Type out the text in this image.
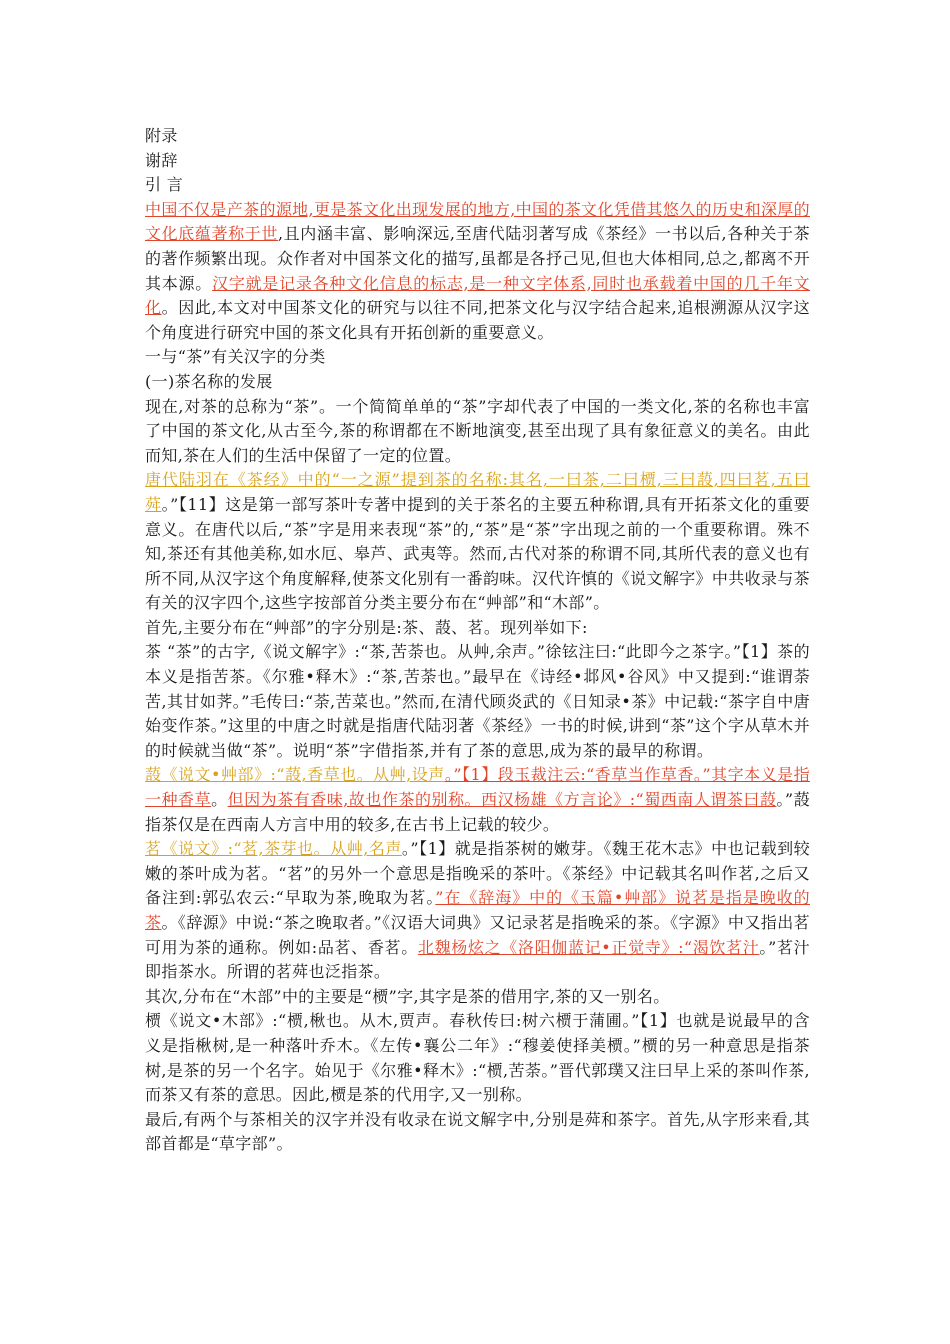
附录
谢辞
引 言
中国不仅是产茶的源地,更是茶文化出现发展的地方,中国的茶文化凭借其悠久的历史和深厚的文化底蕴著称于世,且内涵丰富、影响深远,至唐代陆羽著写成《茶经》一书以后,各种关于茶的著作频繁出现。众作者对中国茶文化的描写,虽都是各抒己见,但也大体相同,总之,都离不开其本源。汉字就是记录各种文化信息的标志,是一种文字体系,同时也承载着中国的几千年文化。因此,本文对中国茶文化的研究与以往不同,把茶文化与汉字结合起来,追根溯源从汉字这个角度进行研究中国的茶文化具有开拓创新的重要意义。
一与“茶”有关汉字的分类
(一)茶名称的发展
现在,对茶的总称为“茶”。一个简简单单的“茶”字却代表了中国的一类文化,茶的名称也丰富了中国的茶文化,从古至今,茶的称谓都在不断地演变,甚至出现了具有象征意义的美名。由此而知,茶在人们的生活中保留了一定的位置。
唐代陆羽在《茶经》中的“一之源”提到茶的名称:其名,一曰茶,二曰槚,三曰蔎,四曰茗,五曰荈。”【11】这是第一部写茶叶专著中提到的关于茶名的主要五种称谓,具有开拓茶文化的重要意义。在唐代以后,“茶”字是用来表现“茶”的,“茶”是“茶”字出现之前的一个重要称谓。殊不知,茶还有其他美称,如水厄、皋芦、武夷等。然而,古代对茶的称谓不同,其所代表的意义也有所不同,从汉字这个角度解释,使茶文化别有一番韵味。汉代许慎的《说文解字》中共收录与茶有关的汉字四个,这些字按部首分类主要分布在“艸部”和“木部”。
首先,主要分布在“艸部”的字分别是:茶、蔎、茗。现列举如下:
茶 “茶”的古字,《说文解字》:“茶,苦荼也。从艸,余声。”徐铉注曰:“此即今之茶字。”【1】茶的本义是指苦茶。《尔雅•释木》:“茶,苦荼也。”最早在《诗经•邶风•谷风》中又提到:“谁谓荼苦,其甘如荠。”毛传曰:“荼,苦菜也。”然而,在清代顾炎武的《日知录•茶》中记载:“茶字自中唐始变作茶。”这里的中唐之时就是指唐代陆羽著《茶经》一书的时候,讲到“茶”这个字从草木并的时候就当做“茶”。说明“茶”字借指茶,并有了茶的意思,成为茶的最早的称谓。
蔎《说文•艸部》:“蔎,香草也。从艸,设声。”【1】段玉裁注云:“香草当作草香。”其字本义是指一种香草。但因为茶有香味,故也作茶的别称。西汉杨雄《方言论》:“蜀西南人谓茶曰蔎。”蔎指茶仅是在西南人方言中用的较多,在古书上记载的较少。
茗《说文》:“茗,茶芽也。从艸,名声。”【1】就是指茶树的嫩芽。《魏王花木志》中也记载到较嫩的茶叶成为茗。“茗”的另外一个意思是指晚采的茶叶。《茶经》中记载其名叫作茗,之后又备注到:郭弘农云:“早取为茶,晚取为茗。”在《辞海》中的《玉篇•艸部》说茗是指是晚收的茶。《辞源》中说:“茶之晚取者。”《汉语大词典》又记录茗是指晚采的茶。《字源》中又指出茗可用为茶的通称。例如:品茗、香茗。北魏杨炫之《洛阳伽蓝记•正觉寺》:“渴饮茗汁。”茗汁即指茶水。所谓的茗荈也泛指茶。
其次,分布在“木部”中的主要是“槚”字,其字是茶的借用字,茶的又一别名。
槚《说文•木部》:“槚,楸也。从木,贾声。春秋传曰:树六槚于蒲圃。”【1】也就是说最早的含义是指楸树,是一种落叶乔木。《左传•襄公二年》:“穆姜使择美槚。”槚的另一种意思是指茶树,是茶的另一个名字。始见于《尔雅•释木》:“槚,苦荼。”晋代郭璞又注曰早上采的茶叫作茶,而茶又有茶的意思。因此,槚是茶的代用字,又一别称。
最后,有两个与茶相关的汉字并没有收录在说文解字中,分别是荈和茶字。首先,从字形来看,其部首都是“草字部”。
